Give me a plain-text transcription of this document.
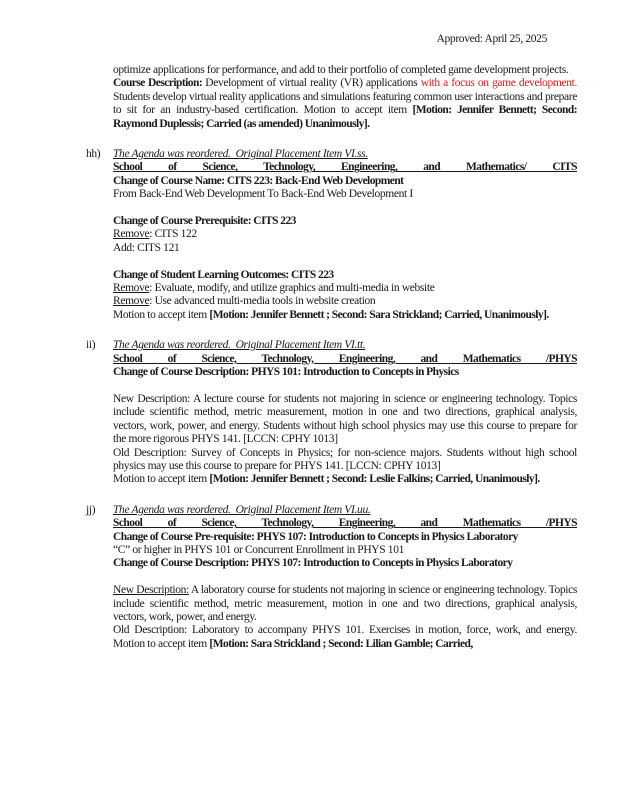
Approved: April 25, 2025
optimize applications for performance, and add to their portfolio of completed game development projects.
Course Description: Development of virtual reality (VR) applications with a focus on game development. Students develop virtual reality applications and simulations featuring common user interactions and prepare to sit for an industry-based certification. Motion to accept item [Motion: Jennifer Bennett; Second: Raymond Duplessis; Carried (as amended) Unanimously].
hh) The Agenda was reordered.  Original Placement Item VI.ss.
School of Science, Technology, Engineering, and Mathematics/ CITS
Change of Course Name: CITS 223: Back-End Web Development
From Back-End Web Development To Back-End Web Development I
Change of Course Prerequisite: CITS 223
Remove: CITS 122
Add: CITS 121
Change of Student Learning Outcomes: CITS 223
Remove: Evaluate, modify, and utilize graphics and multi-media in website
Remove: Use advanced multi-media tools in website creation
Motion to accept item [Motion: Jennifer Bennett ; Second: Sara Strickland; Carried, Unanimously].
ii) The Agenda was reordered.  Original Placement Item VI.tt.
School of Science, Technology, Engineering, and Mathematics /PHYS
Change of Course Description: PHYS 101: Introduction to Concepts in Physics
New Description: A lecture course for students not majoring in science or engineering technology. Topics include scientific method, metric measurement, motion in one and two directions, graphical analysis, vectors, work, power, and energy. Students without high school physics may use this course to prepare for the more rigorous PHYS 141. [LCCN: CPHY 1013]
Old Description: Survey of Concepts in Physics; for non-science majors. Students without high school physics may use this course to prepare for PHYS 141. [LCCN: CPHY 1013]
Motion to accept item [Motion: Jennifer Bennett ; Second: Leslie Falkins; Carried, Unanimously].
jj) The Agenda was reordered.  Original Placement Item VI.uu.
School of Science, Technology, Engineering, and Mathematics /PHYS
Change of Course Pre-requisite: PHYS 107: Introduction to Concepts in Physics Laboratory
“C” or higher in PHYS 101 or Concurrent Enrollment in PHYS 101
Change of Course Description: PHYS 107: Introduction to Concepts in Physics Laboratory
New Description: A laboratory course for students not majoring in science or engineering technology. Topics include scientific method, metric measurement, motion in one and two directions, graphical analysis, vectors, work, power, and energy.
Old Description: Laboratory to accompany PHYS 101. Exercises in motion, force, work, and energy. Motion to accept item [Motion: Sara Strickland ; Second: Lilian Gamble; Carried,
